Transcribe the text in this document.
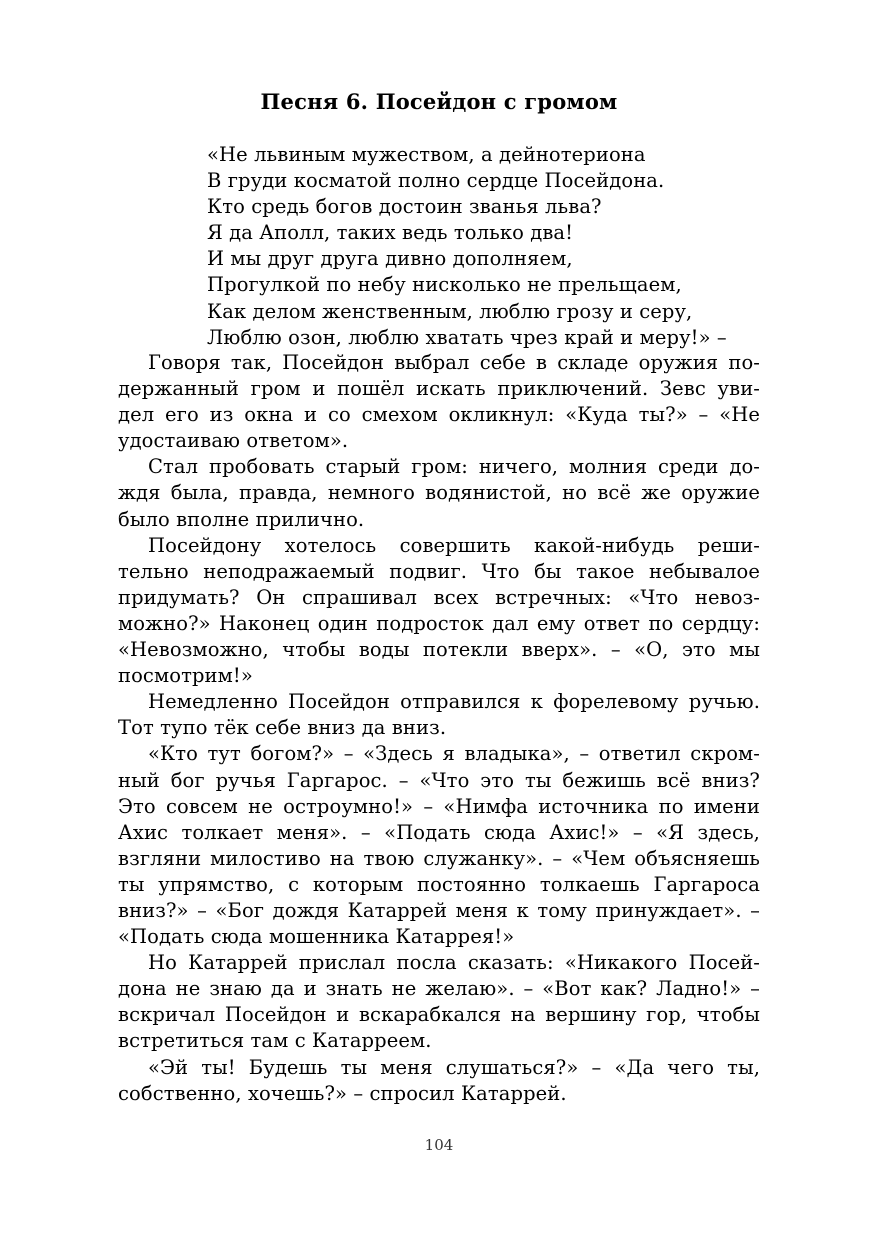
Песня 6. Посейдон с громом
«Не львиным мужеством, а дейнотериона
В груди косматой полно сердце Посейдона.
Кто средь богов достоин званья льва?
Я да Аполл, таких ведь только два!
И мы друг друга дивно дополняем,
Прогулкой по небу нисколько не прельщаем,
Как делом женственным, люблю грозу и серу,
Люблю озон, люблю хватать чрез край и меру!» –
Говоря так, Посейдон выбрал себе в складе оружия по-
держанный гром и пошёл искать приключений. Зевс уви-
дел его из окна и со смехом окликнул: «Куда ты?» – «Не
удостаиваю ответом».
Стал пробовать старый гром: ничего, молния среди до-
ждя была, правда, немного водянистой, но всё же оружие
было вполне прилично.
Посейдону хотелось совершить какой-нибудь реши-
тельно неподражаемый подвиг. Что бы такое небывалое
придумать? Он спрашивал всех встречных: «Что невоз-
можно?» Наконец один подросток дал ему ответ по сердцу:
«Невозможно, чтобы воды потекли вверх». – «О, это мы
посмотрим!»
Немедленно Посейдон отправился к форелевому ручью.
Тот тупо тёк себе вниз да вниз.
«Кто тут богом?» – «Здесь я владыка», – ответил скром-
ный бог ручья Гаргарос. – «Что это ты бежишь всё вниз?
Это совсем не остроумно!» – «Нимфа источника по имени
Ахис толкает меня». – «Подать сюда Ахис!» – «Я здесь,
взгляни милостиво на твою служанку». – «Чем объясняешь
ты упрямство, с которым постоянно толкаешь Гаргароса
вниз?» – «Бог дождя Катаррей меня к тому принуждает». –
«Подать сюда мошенника Катаррея!»
Но Катаррей прислал посла сказать: «Никакого Посей-
дона не знаю да и знать не желаю». – «Вот как? Ладно!» –
вскричал Посейдон и вскарабкался на вершину гор, чтобы
встретиться там с Катарреем.
«Эй ты! Будешь ты меня слушаться?» – «Да чего ты,
собственно, хочешь?» – спросил Катаррей.
104
